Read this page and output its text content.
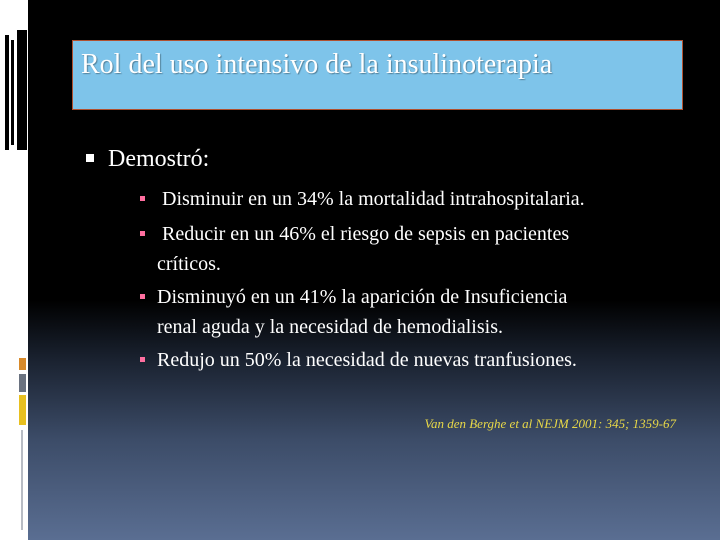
Rol del uso intensivo de la insulinoterapia
Demostró:
Disminuir en un 34% la mortalidad intrahospitalaria.
Reducir en un 46% el riesgo de sepsis en pacientes
críticos.
Disminuyó en un 41% la aparición de Insuficiencia
renal aguda y la necesidad de hemodialisis.
Redujo un 50% la necesidad de nuevas tranfusiones.
Van den Berghe et al NEJM 2001: 345; 1359-67
